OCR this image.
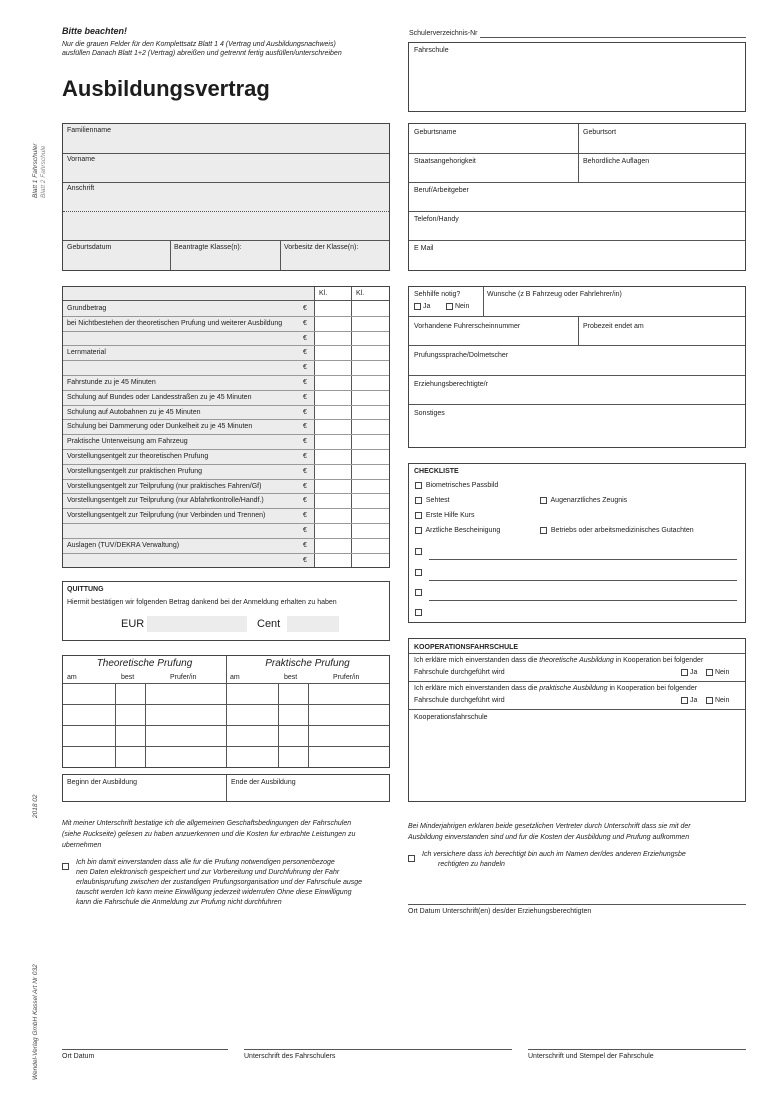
Bitte beachten!
Nur die grauen Felder für den Komplettsatz Blatt 1 4 (Vertrag und Ausbildungsnachweis)
ausfüllen Danach Blatt 1+2 (Vertrag) abreißen und getrennt fertig ausfüllen/unterschreiben
Ausbildungsvertrag
Schulerverzeichnis-Nr
Fahrschule
Blatt 1 Fahrschuler Blatt 2 Fahrschule
2018 02
Wendel-Verlag GmbH Kassel Art Nr 032
Familienname
Vorname
Anschrift
Geburtsdatum	Beantragte Klasse(n):	Vorbesitz der Klasse(n):
Geburtsname	Geburtsort
Staatsangehorigkeit	Behordliche Auflagen
Beruf/Arbeitgeber
Telefon/Handy
E Mail
Kl.	Kl.
Grundbetrag	€
bei Nichtbestehen der theoretischen Prufung und weiterer Ausbildung	€
€
Lernmaterial	€
€
Fahrstunde zu je 45 Minuten	€
Schulung auf Bundes oder Landesstraßen zu je 45 Minuten	€
Schulung auf Autobahnen zu je 45 Minuten	€
Schulung bei Dammerung oder Dunkelheit zu je 45 Minuten	€
Praktische Unterweisung am Fahrzeug	€
Vorstellungsentgelt zur theoretischen Prufung	€
Vorstellungsentgelt zur praktischen Prufung	€
Vorstellungsentgelt zur Teilprufung (nur praktisches Fahren/Gf)	€
Vorstellungsentgelt zur Teilprufung (nur Abfahrtkontrolle/Handf.)	€
Vorstellungsentgelt zur Teilprufung (nur Verbinden und Trennen)	€
€
Auslagen (TUV/DEKRA Verwaltung)	€
€
Sehhilfe notig?
Ja	Nein
Wunsche (z B Fahrzeug oder Fahrlehrer/in)
Vorhandene Fuhrerscheinnummer	Probezeit endet am
Prufungssprache/Dolmetscher
Erziehungsberechtigte/r
Sonstiges
CHECKLISTE
Biometrisches Passbild
Sehtest
Erste Hilfe Kurs
Arztliche Bescheinigung
Augenarztliches Zeugnis
Betriebs oder arbeitsmedizinisches Gutachten
QUITTUNG
Hiermit bestätigen wir folgenden Betrag dankend bei der Anmeldung erhalten zu haben
EUR	Cent
KOOPERATIONSFAHRSCHULE
Ich erkläre mich einverstanden dass die theoretische Ausbildung in Kooperation bei folgender
Fahrschule durchgeführt wird	Ja	Nein
Ich erkläre mich einverstanden dass die praktische Ausbildung in Kooperation bei folgender
Fahrschule durchgeführt wird	Ja	Nein
Kooperationsfahrschule
Theoretische Prufung	Praktische Prufung
am	best	Prufer/in	am	best	Prufer/in
Beginn der Ausbildung	Ende der Ausbildung
Mit meiner Unterschrift bestatige ich die allgemeinen Geschaftsbedingungen der Fahrschulen
(siehe Ruckseite) gelesen zu haben anzuerkennen und die Kosten fur erbrachte Leistungen zu
ubernehmen
Ich bin damit einverstanden dass alle fur die Prufung notwendigen personenbezoge
nen Daten elektronisch gespeichert und zur Vorbereitung und Durchfuhrung der Fahr
erlaubnisprufung zwischen der zustandigen Prufungsorganisation und der Fahrschule ausge
tauscht werden Ich kann meine Einwilligung jederzeit widerrufen Ohne diese Einwilligung
kann die Fahrschule die Anmeldung zur Prufung nicht durchfuhren
Bei Minderjahrigen erklaren beide gesetzlichen Vertreter durch Unterschrift dass sie mit der
Ausbildung einverstanden sind und fur die Kosten der Ausbildung und Prufung aufkommen
Ich versichere dass ich berechtigt bin auch im Namen der/des anderen Erziehungsbe
rechtigten zu handeln
Ort Datum Unterschrift(en) des/der Erziehungsberechtigten
Ort Datum	Unterschrift des Fahrschulers	Unterschrift und Stempel der Fahrschule
